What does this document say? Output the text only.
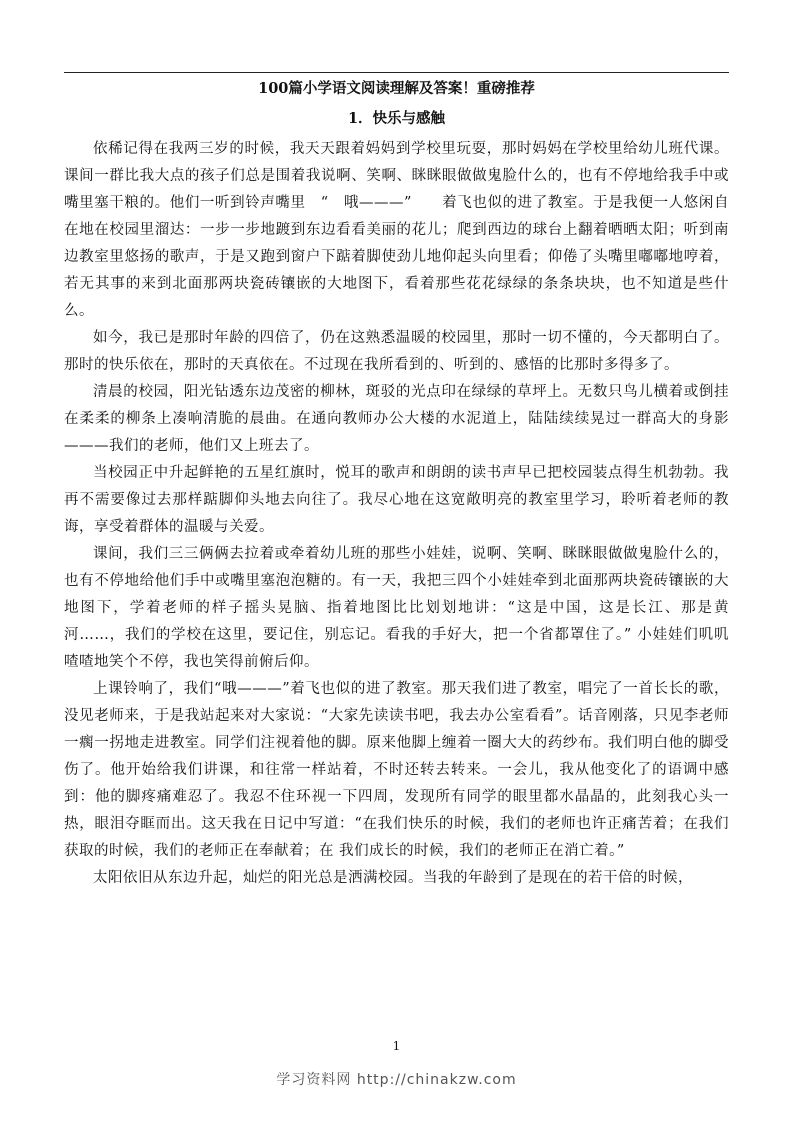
100篇小学语文阅读理解及答案！重磅推荐
1．快乐与感触

依稀记得在我两三岁的时候，我天天跟着妈妈到学校里玩耍，那时妈妈在学校里给幼儿班代课。课间一群比我大点的孩子们总是围着我说啊、笑啊、眯眯眼做做鬼脸什么的，也有不停地给我手中或嘴里塞干粮的。他们一听到铃声嘴里　“　哦———”　　着飞也似的进了教室。于是我便一人悠闲自在地在校园里溜达：一步一步地踱到东边看看美丽的花儿；爬到西边的球台上翻着晒晒太阳；听到南边教室里悠扬的歌声，于是又跑到窗户下踮着脚使劲儿地仰起头向里看；仰倦了头嘴里嘟嘟地哼着，若无其事的来到北面那两块瓷砖镶嵌的大地图下，看着那些花花绿绿的条条块块，也不知道是些什么。

如今，我已是那时年龄的四倍了，仍在这熟悉温暖的校园里，那时一切不懂的，今天都明白了。那时的快乐依在，那时的天真依在。不过现在我所看到的、听到的、感悟的比那时多得多了。

清晨的校园，阳光钻透东边茂密的柳林，斑驳的光点印在绿绿的草坪上。无数只鸟儿横着或倒挂在柔柔的柳条上凑响清脆的晨曲。在通向教师办公大楼的水泥道上，陆陆续续晃过一群高大的身影———我们的老师，他们又上班去了。

当校园正中升起鲜艳的五星红旗时，悦耳的歌声和朗朗的读书声早已把校园装点得生机勃勃。我再不需要像过去那样踮脚仰头地去向往了。我尽心地在这宽敞明亮的教室里学习，聆听着老师的教诲，享受着群体的温暖与关爱。

课间，我们三三俩俩去拉着或牵着幼儿班的那些小娃娃，说啊、笑啊、眯眯眼做做鬼脸什么的，也有不停地给他们手中或嘴里塞泡泡糖的。有一天，我把三四个小娃娃牵到北面那两块瓷砖镶嵌的大地图下，学着老师的样子摇头晃脑、指着地图比比划划地讲：“这是中国，这是长江、那是黄河……，我们的学校在这里，要记住，别忘记。看我的手好大，把一个省都罩住了。” 小娃娃们叽叽喳喳地笑个不停，我也笑得前俯后仰。

上课铃响了，我们“哦———”着飞也似的进了教室。那天我们进了教室，唱完了一首长长的歌，没见老师来，于是我站起来对大家说：“大家先读读书吧，我去办公室看看”。话音刚落，只见李老师一瘸一拐地走进教室。同学们注视着他的脚。原来他脚上缠着一圈大大的药纱布。我们明白他的脚受伤了。他开始给我们讲课，和往常一样站着，不时还转去转来。一会儿，我从他变化了的语调中感到：他的脚疼痛难忍了。我忍不住环视一下四周，发现所有同学的眼里都水晶晶的，此刻我心头一热，眼泪夺眶而出。这天我在日记中写道：“在我们快乐的时候，我们的老师也许正痛苦着；在我们获取的时候，我们的老师正在奉献着；在 我们成长的时候，我们的老师正在消亡着。”

太阳依旧从东边升起，灿烂的阳光总是洒满校园。当我的年龄到了是现在的若干倍的时候，

1
学习资料网 http://chinakzw.com
